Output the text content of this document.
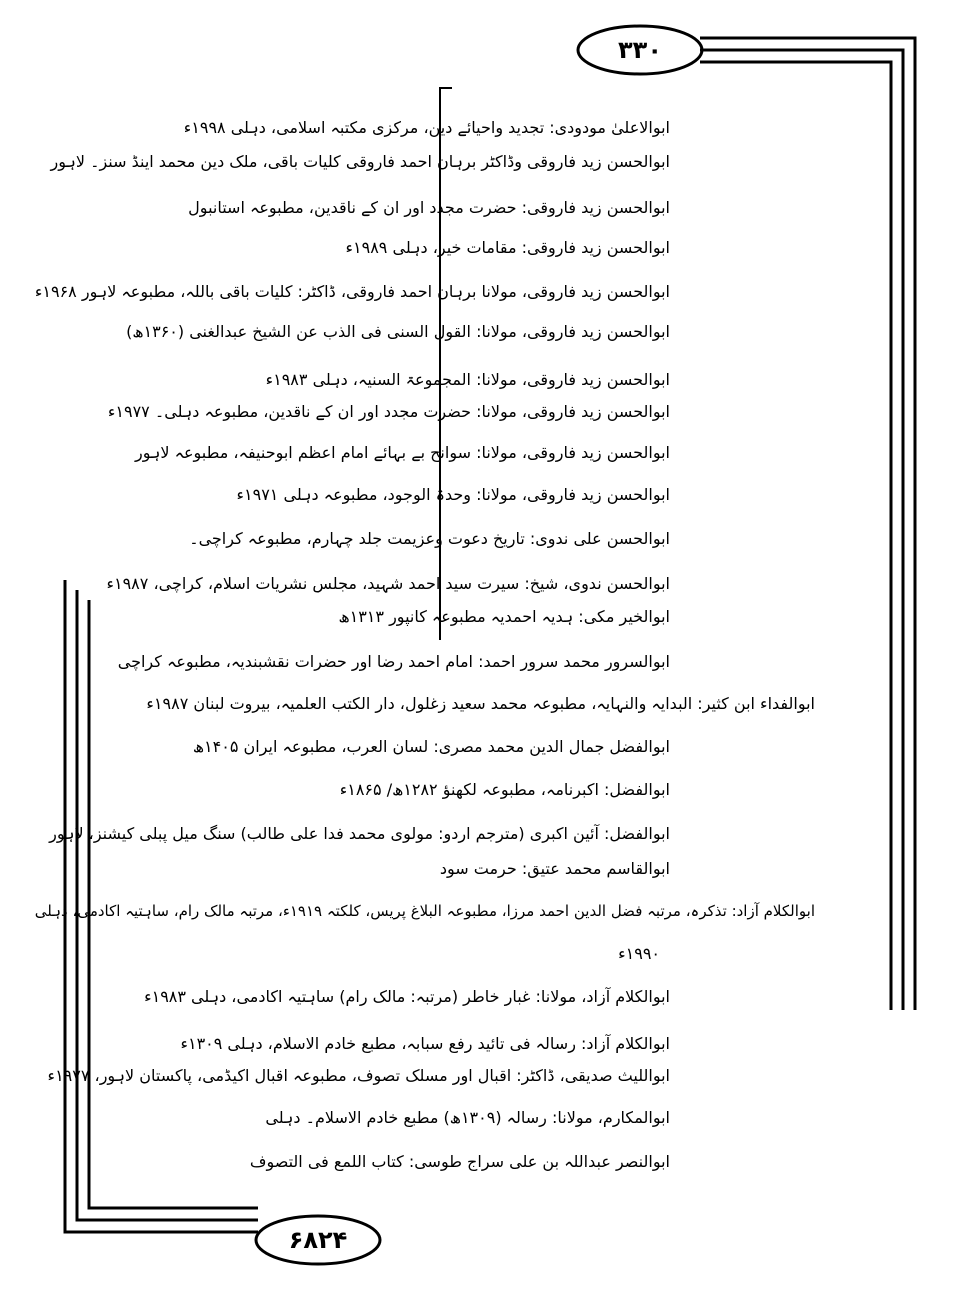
۳۳۰
۶۸۲۴
ابوالاعلیٰ مودودی: تجدید واحیائے دین، مرکزی مکتبہ اسلامی، دہلی ۱۹۹۸ء
ابوالحسن زید فاروقی وڈاکٹر برہان احمد فاروقی کلیات باقی، ملک دین محمد اینڈ سنز۔ لاہور
ابوالحسن زید فاروقی: حضرت مجدد اور ان کے ناقدین، مطبوعہ استانبول
ابوالحسن زید فاروقی: مقامات خیر، دہلی ۱۹۸۹ء
ابوالحسن زید فاروقی، مولانا برہان احمد فاروقی، ڈاکٹر: کلیات باقی باللہ، مطبوعہ لاہور ۱۹۶۸ء
ابوالحسن زید فاروقی، مولانا: القول السنی فی الذب عن الشیخ عبدالغنی (۱۳۶۰ھ)
ابوالحسن زید فاروقی، مولانا: المجموعۃ السنیہ، دہلی ۱۹۸۳ء
ابوالحسن زید فاروقی، مولانا: حضرت مجدد اور ان کے ناقدین، مطبوعہ دہلی۔ ۱۹۷۷ء
ابوالحسن زید فاروقی، مولانا: سوانح بے بہائے امام اعظم ابوحنیفہ، مطبوعہ لاہور
ابوالحسن زید فاروقی، مولانا: وحدۃ الوجود، مطبوعہ دہلی ۱۹۷۱ء
ابوالحسن علی ندوی: تاریخ دعوت وعزیمت جلد چہارم، مطبوعہ کراچی۔
ابوالحسن ندوی، شیخ: سیرت سید احمد شہید، مجلس نشریات اسلام، کراچی، ۱۹۸۷ء
ابوالخیر مکی: ہدیہ احمدیہ مطبوعہ کانپور ۱۳۱۳ھ
ابوالسرور محمد سرور احمد: امام احمد رضا اور حضرات نقشبندیہ، مطبوعہ کراچی
ابوالفداء ابن کثیر: البدایہ والنہایہ، مطبوعہ محمد سعید زغلول، دار الکتب العلمیہ، بیروت لبنان ۱۹۸۷ء
ابوالفضل جمال الدین محمد مصری: لسان العرب، مطبوعہ ایران ۱۴۰۵ھ
ابوالفضل: اکبرنامہ، مطبوعہ لکھنؤ ۱۲۸۲ھ/ ۱۸۶۵ء
ابوالفضل: آئین اکبری (مترجم اردو: مولوی محمد فدا علی طالب) سنگ میل پبلی کیشنز، لاہور
ابوالقاسم محمد عتیق: حرمت سود
ابوالکلام آزاد: تذکرہ، مرتبہ فضل الدین احمد مرزا، مطبوعہ البلاغ پریس، کلکتہ ۱۹۱۹ء، مرتبہ مالک رام، ساہتیہ اکادمی، دہلی
۱۹۹۰ء
ابوالکلام آزاد، مولانا: غبار خاطر (مرتبہ: مالک رام) ساہتیہ اکادمی، دہلی ۱۹۸۳ء
ابوالکلام آزاد: رسالہ فی تائید رفع سبابہ، مطبع خادم الاسلام، دہلی ۱۳۰۹ء
ابواللیث صدیقی، ڈاکٹر: اقبال اور مسلک تصوف، مطبوعہ اقبال اکیڈمی، پاکستان لاہور، ۱۹۷۷ء
ابوالمکارم، مولانا: رسالہ (۱۳۰۹ھ) مطبع خادم الاسلام۔ دہلی
ابوالنصر عبداللہ بن علی سراج طوسی: کتاب اللمع فی التصوف
